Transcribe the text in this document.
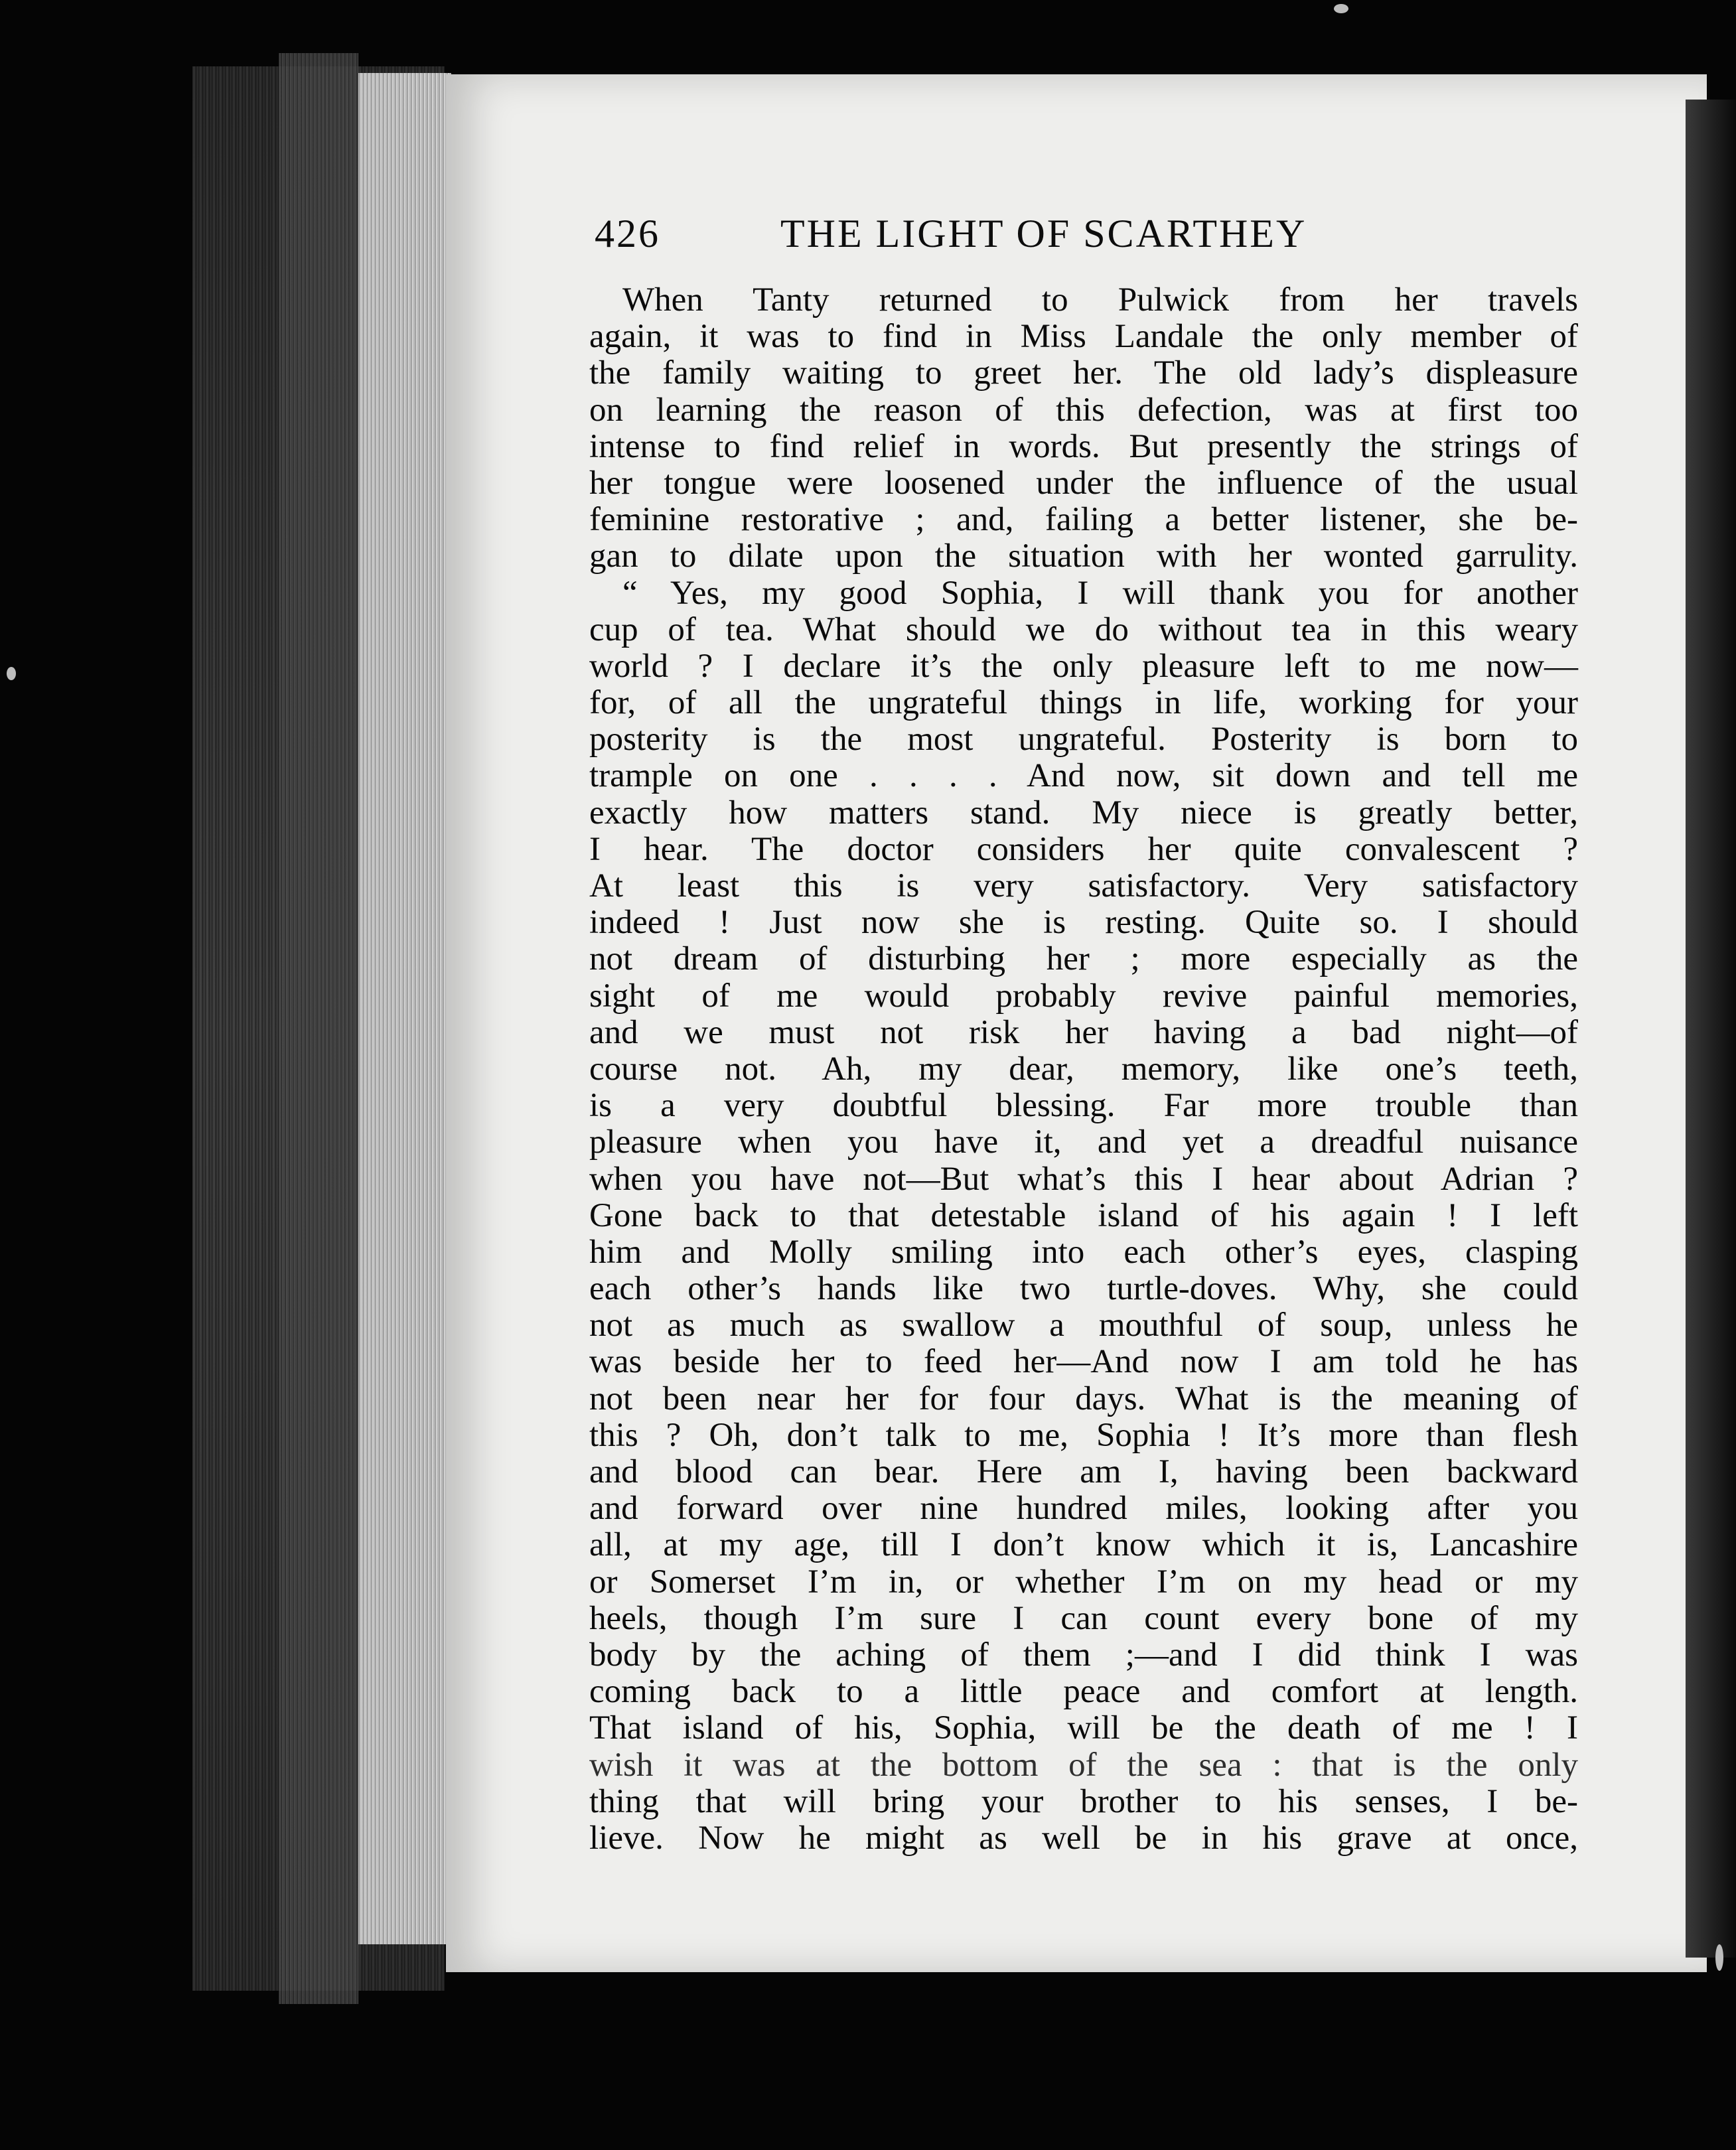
426	THE LIGHT OF SCARTHEY
When Tanty returned to Pulwick from her travels
again, it was to find in Miss Landale the only member of
the family waiting to greet her. The old lady’s displeasure
on learning the reason of this defection, was at first too
intense to find relief in words. But presently the strings of
her tongue were loosened under the influence of the usual
feminine restorative ; and, failing a better listener, she be-
gan to dilate upon the situation with her wonted garrulity.
“ Yes, my good Sophia, I will thank you for another
cup of tea. What should we do without tea in this weary
world ? I declare it’s the only pleasure left to me now—
for, of all the ungrateful things in life, working for your
posterity is the most ungrateful. Posterity is born to
trample on one . . . . And now, sit down and tell me
exactly how matters stand. My niece is greatly better,
I hear. The doctor considers her quite convalescent ?
At least this is very satisfactory. Very satisfactory
indeed ! Just now she is resting. Quite so. I should
not dream of disturbing her ; more especially as the
sight of me would probably revive painful memories,
and we must not risk her having a bad night—of
course not. Ah, my dear, memory, like one’s teeth,
is a very doubtful blessing. Far more trouble than
pleasure when you have it, and yet a dreadful nuisance
when you have not—But what’s this I hear about Adrian ?
Gone back to that detestable island of his again ! I left
him and Molly smiling into each other’s eyes, clasping
each other’s hands like two turtle-doves. Why, she could
not as much as swallow a mouthful of soup, unless he
was beside her to feed her—And now I am told he has
not been near her for four days. What is the meaning of
this ? Oh, don’t talk to me, Sophia ! It’s more than flesh
and blood can bear. Here am I, having been backward
and forward over nine hundred miles, looking after you
all, at my age, till I don’t know which it is, Lancashire
or Somerset I’m in, or whether I’m on my head or my
heels, though I’m sure I can count every bone of my
body by the aching of them ;—and I did think I was
coming back to a little peace and comfort at length.
That island of his, Sophia, will be the death of me ! I
wish it was at the bottom of the sea : that is the only
thing that will bring your brother to his senses, I be-
lieve. Now he might as well be in his grave at once,
